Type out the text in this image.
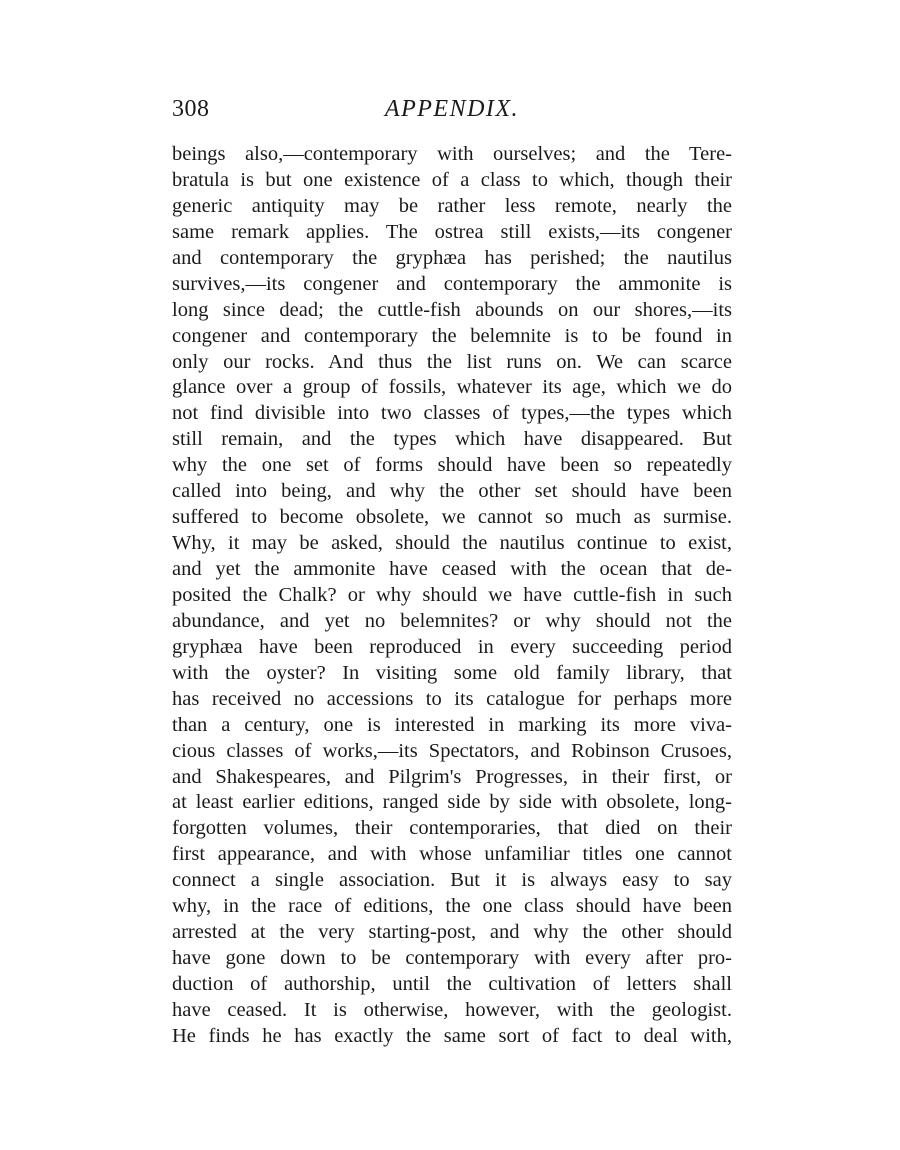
308	APPENDIX.
beings also,—contemporary with ourselves; and the Tere-
bratula is but one existence of a class to which, though their
generic antiquity may be rather less remote, nearly the
same remark applies. The ostrea still exists,—its congener
and contemporary the gryphæa has perished; the nautilus
survives,—its congener and contemporary the ammonite is
long since dead; the cuttle-fish abounds on our shores,—its
congener and contemporary the belemnite is to be found in
only our rocks. And thus the list runs on. We can scarce
glance over a group of fossils, whatever its age, which we do
not find divisible into two classes of types,—the types which
still remain, and the types which have disappeared. But
why the one set of forms should have been so repeatedly
called into being, and why the other set should have been
suffered to become obsolete, we cannot so much as surmise.
Why, it may be asked, should the nautilus continue to exist,
and yet the ammonite have ceased with the ocean that de-
posited the Chalk? or why should we have cuttle-fish in such
abundance, and yet no belemnites? or why should not the
gryphæa have been reproduced in every succeeding period
with the oyster? In visiting some old family library, that
has received no accessions to its catalogue for perhaps more
than a century, one is interested in marking its more viva-
cious classes of works,—its Spectators, and Robinson Crusoes,
and Shakespeares, and Pilgrim's Progresses, in their first, or
at least earlier editions, ranged side by side with obsolete, long-
forgotten volumes, their contemporaries, that died on their
first appearance, and with whose unfamiliar titles one cannot
connect a single association. But it is always easy to say
why, in the race of editions, the one class should have been
arrested at the very starting-post, and why the other should
have gone down to be contemporary with every after pro-
duction of authorship, until the cultivation of letters shall
have ceased. It is otherwise, however, with the geologist.
He finds he has exactly the same sort of fact to deal with,
